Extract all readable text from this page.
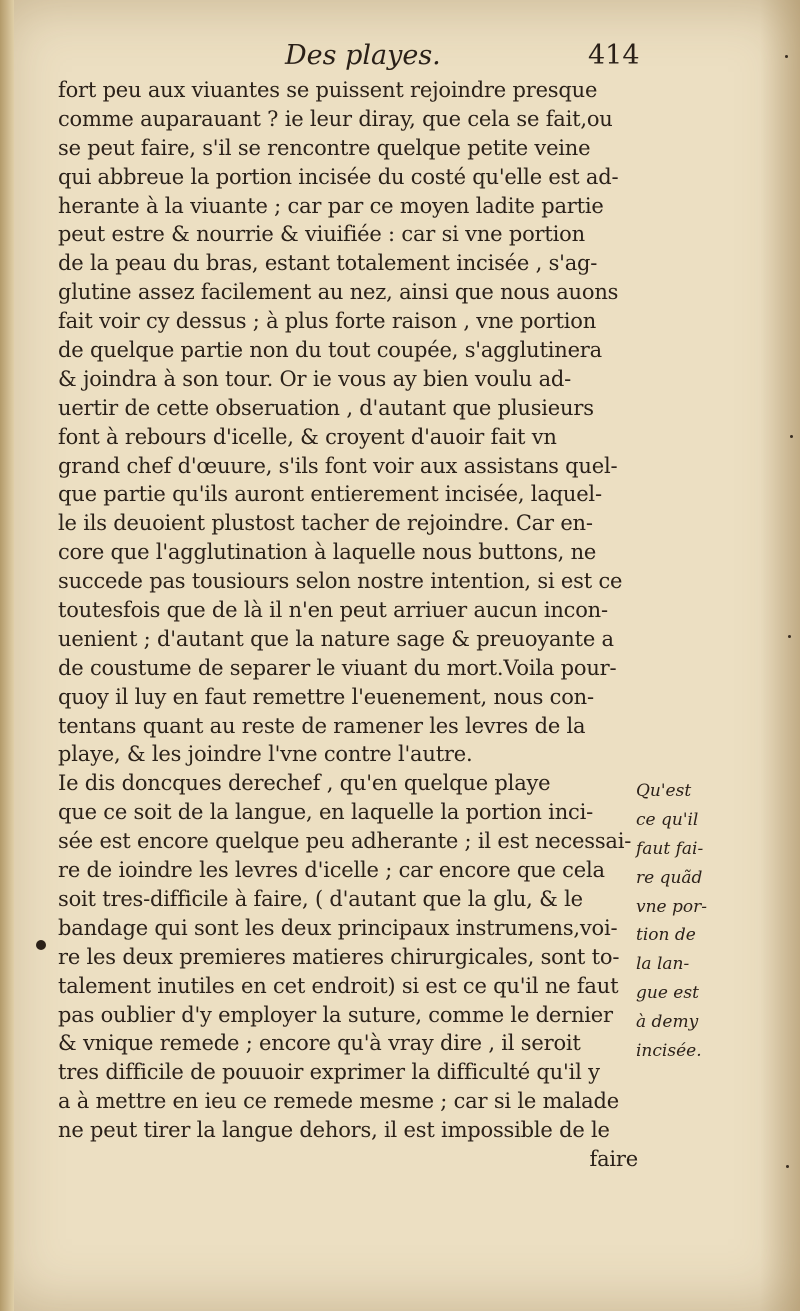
Des playes.	414
fort peu aux viuantes se puissent rejoindre presque
comme auparauant ? ie leur diray, que cela se fait,ou
se peut faire, s'il se rencontre quelque petite veine
qui abbreue la portion incisée du costé qu'elle est ad-
herante à la viuante ; car par ce moyen ladite partie
peut estre & nourrie & viuifiée : car si vne portion
de la peau du bras, estant totalement incisée , s'ag-
glutine assez facilement au nez, ainsi que nous auons
fait voir cy dessus ; à plus forte raison , vne portion
de quelque partie non du tout coupée, s'agglutinera
& joindra à son tour. Or ie vous ay bien voulu ad-
uertir de cette obseruation , d'autant que plusieurs
font à rebours d'icelle, & croyent d'auoir fait vn
grand chef d'œuure, s'ils font voir aux assistans quel-
que partie qu'ils auront entierement incisée, laquel-
le ils deuoient plustost tacher de rejoindre. Car en-
core que l'agglutination à laquelle nous buttons, ne
succede pas tousiours selon nostre intention, si est ce
toutesfois que de là il n'en peut arriuer aucun incon-
uenient ; d'autant que la nature sage & preuoyante a
de coustume de separer le viuant du mort.Voila pour-
quoy il luy en faut remettre l'euenement, nous con-
tentans quant au reste de ramener les levres de la
playe, & les joindre l'vne contre l'autre.
Ie dis doncques derechef , qu'en quelque playe
que ce soit de la langue, en laquelle la portion inci-
sée est encore quelque peu adherante ; il est necessai-
re de ioindre les levres d'icelle ; car encore que cela
soit tres-difficile à faire, ( d'autant que la glu, & le
bandage qui sont les deux principaux instrumens,voi-
re les deux premieres matieres chirurgicales, sont to-
talement inutiles en cet endroit) si est ce qu'il ne faut
pas oublier d'y employer la suture, comme le dernier
& vnique remede ; encore qu'à vray dire , il seroit
tres difficile de pouuoir exprimer la difficulté qu'il y
a à mettre en ieu ce remede mesme ; car si le malade
ne peut tirer la langue dehors, il est impossible de le
faire
Qu'est
ce qu'il
faut fai-
re quãd
vne por-
tion de
la lan-
gue est
à demy
incisée.
